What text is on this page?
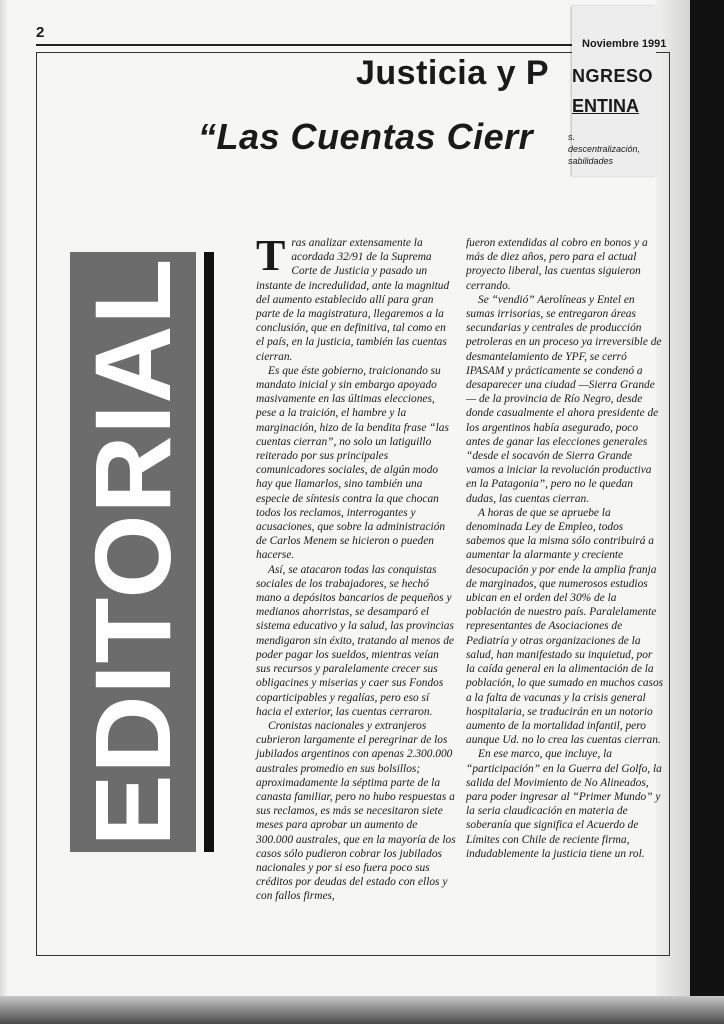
2
Justicia y P
“Las Cuentas Cierr
Noviembre 1991
NGRESO
ENTINA
s.
descentralización,
sabilidades
EDITORIAL
T ras analizar extensamente la acordada 32/91 de la Suprema Corte de Justicia y pasado un instante de incredulidad, ante la magnitud del aumento establecido allí para gran parte de la magistratura, llegaremos a la conclusión, que en definitiva, tal como en el país, en la justicia, también las cuentas cierran.

Es que éste gobierno, traicionando su mandato inicial y sin embargo apoyado masivamente en las últimas elecciones, pese a la traición, el hambre y la marginación, hizo de la bendita frase “las cuentas cierran”, no solo un latiguillo reiterado por sus principales comunicadores sociales, de algún modo hay que llamarlos, sino también una especie de síntesis contra la que chocan todos los reclamos, interrogantes y acusaciones, que sobre la administración de Carlos Menem se hicieron o pueden hacerse.

Así, se atacaron todas las conquistas sociales de los trabajadores, se hechó mano a depósitos bancarios de pequeños y medianos ahorristas, se desamparó el sistema educativo y la salud, las provincias mendigaron sin éxito, tratando al menos de poder pagar los sueldos, mientras veían sus recursos y paralelamente crecer sus obligacines y miserias y caer sus Fondos coparticipables y regalías, pero eso sí hacia el exterior, las cuentas cerraron.

Cronistas nacionales y extranjeros cubrieron largamente el peregrinar de los jubilados argentinos con apenas 2.300.000 australes promedio en sus bolsillos; aproximadamente la séptima parte de la canasta familiar, pero no hubo respuestas a sus reclamos, es más se necesitaron siete meses para aprobar un aumento de 300.000 australes, que en la mayoría de los casos sólo pudieron cobrar los jubilados nacionales y por si eso fuera poco sus créditos por deudas del estado con ellos y con fallos firmes,

fueron extendidas al cobro en bonos y a más de diez años, pero para el actual proyecto liberal, las cuentas siguieron cerrando.

Se “vendió” Aerolíneas y Entel en sumas irrisorias, se entregaron áreas secundarias y centrales de producción petroleras en un proceso ya irreversible de desmantelamiento de YPF, se cerró IPASAM y prácticamente se condenó a desaparecer una ciudad —Sierra Grande— de la provincia de Río Negro, desde donde casualmente el ahora presidente de los argentinos había asegurado, poco antes de ganar las elecciones generales “desde el socavón de Sierra Grande vamos a iniciar la revolución productiva en la Patagonia”, pero no le quedan dudas, las cuentas cierran.

A horas de que se apruebe la denominada Ley de Empleo, todos sabemos que la misma sólo contribuirá a aumentar la alarmante y creciente desocupación y por ende la amplia franja de marginados, que numerosos estudios ubican en el orden del 30% de la población de nuestro país. Paralelamente representantes de Asociaciones de Pediatría y otras organizaciones de la salud, han manifestado su inquietud, por la caída general en la alimentación de la población, lo que sumado en muchos casos a la falta de vacunas y la crisis general hospitalaria, se traducirán en un notorio aumento de la mortalidad infantil, pero aunque Ud. no lo crea las cuentas cierran.

En ese marco, que incluye, la “participación” en la Guerra del Golfo, la salida del Movimiento de No Alineados, para poder ingresar al “Primer Mundo” y la seria claudicación en materia de soberanía que significa el Acuerdo de Límites con Chile de reciente firma, indudablemente la justicia tiene un rol.
